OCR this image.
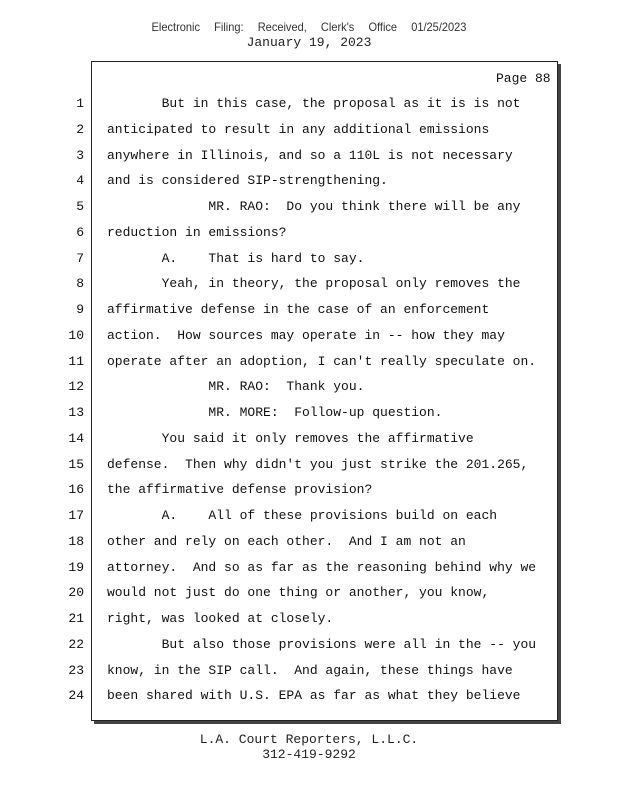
Electronic Filing: Received, Clerk's Office 01/25/2023
January 19, 2023
Page 88
1 But in this case, the proposal as it is is not
2 anticipated to result in any additional emissions
3 anywhere in Illinois, and so a 110L is not necessary
4 and is considered SIP-strengthening.
5 MR. RAO:  Do you think there will be any
6 reduction in emissions?
7 A.    That is hard to say.
8 Yeah, in theory, the proposal only removes the
9 affirmative defense in the case of an enforcement
10 action.  How sources may operate in -- how they may
11 operate after an adoption, I can't really speculate on.
12 MR. RAO:  Thank you.
13 MR. MORE:  Follow-up question.
14 You said it only removes the affirmative
15 defense.  Then why didn't you just strike the 201.265,
16 the affirmative defense provision?
17 A.    All of these provisions build on each
18 other and rely on each other.  And I am not an
19 attorney.  And so as far as the reasoning behind why we
20 would not just do one thing or another, you know,
21 right, was looked at closely.
22 But also those provisions were all in the -- you
23 know, in the SIP call.  And again, these things have
24 been shared with U.S. EPA as far as what they believe
L.A. Court Reporters, L.L.C.
312-419-9292
